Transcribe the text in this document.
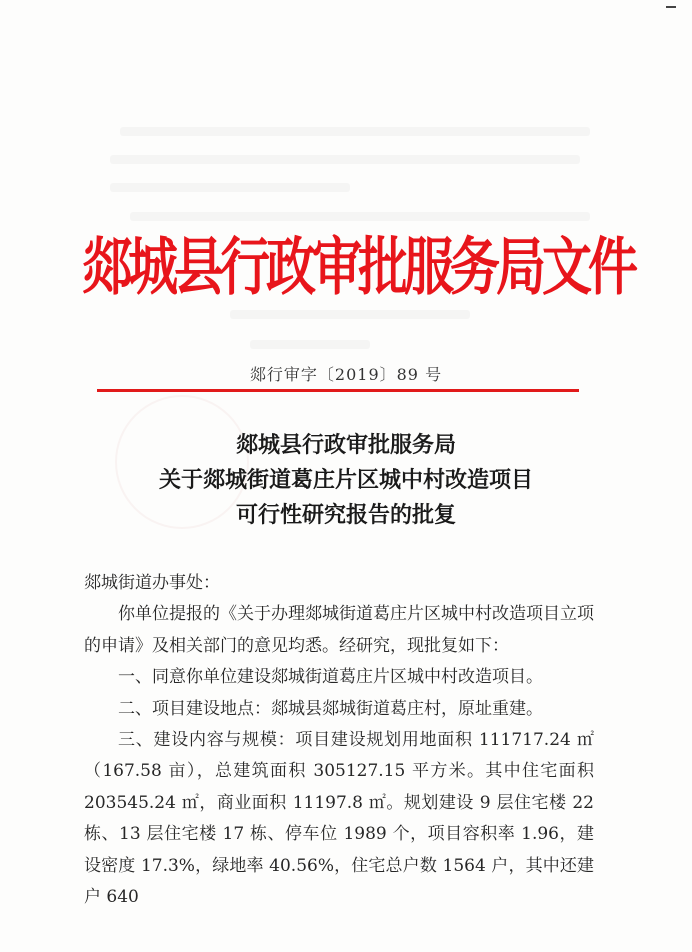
郯城县行政审批服务局文件
郯行审字〔2019〕89 号
郯城县行政审批服务局
关于郯城街道葛庄片区城中村改造项目
可行性研究报告的批复
郯城街道办事处：
你单位提报的《关于办理郯城街道葛庄片区城中村改造项目立项的申请》及相关部门的意见均悉。经研究，现批复如下：
一、同意你单位建设郯城街道葛庄片区城中村改造项目。
二、项目建设地点：郯城县郯城街道葛庄村，原址重建。
三、建设内容与规模：项目建设规划用地面积 111717.24 ㎡（167.58 亩），总建筑面积 305127.15 平方米。其中住宅面积 203545.24 ㎡，商业面积 11197.8 ㎡。规划建设 9 层住宅楼 22 栋、13 层住宅楼 17 栋、停车位 1989 个，项目容积率 1.96，建设密度 17.3%，绿地率 40.56%，住宅总户数 1564 户，其中还建户 640
